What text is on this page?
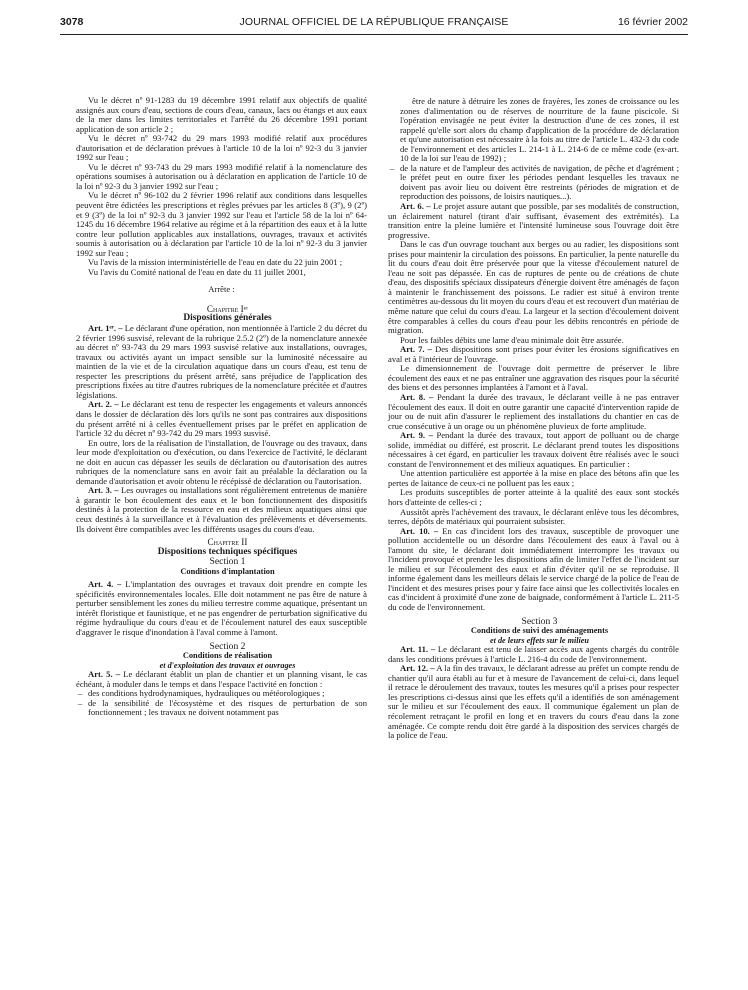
3078	JOURNAL OFFICIEL DE LA RÉPUBLIQUE FRANÇAISE	16 février 2002

Vu le décret nº 91-1283 du 19 décembre 1991 relatif aux objectifs de qualité assignés aux cours d'eau, sections de cours d'eau, canaux, lacs ou étangs et aux eaux de la mer dans les limites territoriales et l'arrêté du 26 décembre 1991 portant application de son article 2 ;

Vu le décret nº 93-742 du 29 mars 1993 modifié relatif aux procédures d'autorisation et de déclaration prévues à l'article 10 de la loi nº 92-3 du 3 janvier 1992 sur l'eau ;

Vu le décret nº 93-743 du 29 mars 1993 modifié relatif à la nomenclature des opérations soumises à autorisation ou à déclaration en application de l'article 10 de la loi nº 92-3 du 3 janvier 1992 sur l'eau ;

Vu le décret nº 96-102 du 2 février 1996 relatif aux conditions dans lesquelles peuvent être édictées les prescriptions et règles prévues par les articles 8 (3º), 9 (2º) et 9 (3º) de la loi nº 92-3 du 3 janvier 1992 sur l'eau et l'article 58 de la loi nº 64-1245 du 16 décembre 1964 relative au régime et à la répartition des eaux et à la lutte contre leur pollution applicables aux installations, ouvrages, travaux et activités soumis à autorisation ou à déclaration par l'article 10 de la loi nº 92-3 du 3 janvier 1992 sur l'eau ;

Vu l'avis de la mission interministérielle de l'eau en date du 22 juin 2001 ;

Vu l'avis du Comité national de l'eau en date du 11 juillet 2001,

Arrête :

Chapitre Iᵉʳ

Dispositions générales

Art. 1ᵉʳ. – Le déclarant d'une opération, non mentionnée à l'article 2 du décret du 2 février 1996 susvisé, relevant de la rubrique 2.5.2 (2º) de la nomenclature annexée au décret nº 93-743 du 29 mars 1993 susvisé relative aux installations, ouvrages, travaux ou activités ayant un impact sensible sur la luminosité nécessaire au maintien de la vie et de la circulation aquatique dans un cours d'eau, est tenu de respecter les prescriptions du présent arrêté, sans préjudice de l'application des prescriptions fixées au titre d'autres rubriques de la nomenclature précitée et d'autres législations.

Art. 2. – Le déclarant est tenu de respecter les engagements et valeurs annoncés dans le dossier de déclaration dès lors qu'ils ne sont pas contraires aux dispositions du présent arrêté ni à celles éventuellement prises par le préfet en application de l'article 32 du décret nº 93-742 du 29 mars 1993 susvisé.

En outre, lors de la réalisation de l'installation, de l'ouvrage ou des travaux, dans leur mode d'exploitation ou d'exécution, ou dans l'exercice de l'activité, le déclarant ne doit en aucun cas dépasser les seuils de déclaration ou d'autorisation des autres rubriques de la nomenclature sans en avoir fait au préalable la déclaration ou la demande d'autorisation et avoir obtenu le récépissé de déclaration ou l'autorisation.

Art. 3. – Les ouvrages ou installations sont régulièrement entretenus de manière à garantir le bon écoulement des eaux et le bon fonctionnement des dispositifs destinés à la protection de la ressource en eau et des milieux aquatiques ainsi que ceux destinés à la surveillance et à l'évaluation des prélèvements et déversements. Ils doivent être compatibles avec les différents usages du cours d'eau.

Chapitre II

Dispositions techniques spécifiques

Section 1

Conditions d'implantation

Art. 4. – L'implantation des ouvrages et travaux doit prendre en compte les spécificités environnementales locales. Elle doit notamment ne pas être de nature à perturber sensiblement les zones du milieu terrestre comme aquatique, présentant un intérêt floristique et faunistique, et ne pas engendrer de perturbation significative du régime hydraulique du cours d'eau et de l'écoulement naturel des eaux susceptible d'aggraver le risque d'inondation à l'aval comme à l'amont.

Section 2

Conditions de réalisation

et d'exploitation des travaux et ouvrages

Art. 5. – Le déclarant établit un plan de chantier et un planning visant, le cas échéant, à moduler dans le temps et dans l'espace l'activité en fonction :

– des conditions hydrodynamiques, hydrauliques ou météorologiques ;
– de la sensibilité de l'écosystème et des risques de perturbation de son fonctionnement ; les travaux ne doivent notamment pas

être de nature à détruire les zones de frayères, les zones de croissance ou les zones d'alimentation ou de réserves de nourriture de la faune piscicole. Si l'opération envisagée ne peut éviter la destruction d'une de ces zones, il est rappelé qu'elle sort alors du champ d'application de la procédure de déclaration et qu'une autorisation est nécessaire à la fois au titre de l'article L. 432-3 du code de l'environnement et des articles L. 214-1 à L. 214-6 de ce même code (ex-art. 10 de la loi sur l'eau de 1992) ;

– de la nature et de l'ampleur des activités de navigation, de pêche et d'agrément ; le préfet peut en outre fixer les périodes pendant lesquelles les travaux ne doivent pas avoir lieu ou doivent être restreints (périodes de migration et de reproduction des poissons, de loisirs nautiques...).

Art. 6. – Le projet assure autant que possible, par ses modalités de construction, un éclairement naturel (tirant d'air suffisant, évasement des extrémités). La transition entre la pleine lumière et l'intensité lumineuse sous l'ouvrage doit être progressive.

Dans le cas d'un ouvrage touchant aux berges ou au radier, les dispositions sont prises pour maintenir la circulation des poissons. En particulier, la pente naturelle du lit du cours d'eau doit être préservée pour que la vitesse d'écoulement naturel de l'eau ne soit pas dépassée. En cas de ruptures de pente ou de créations de chute d'eau, des dispositifs spéciaux dissipateurs d'énergie doivent être aménagés de façon à maintenir le franchissement des poissons. Le radier est situé à environ trente centimètres au-dessous du lit moyen du cours d'eau et est recouvert d'un matériau de même nature que celui du cours d'eau. La largeur et la section d'écoulement doivent être comparables à celles du cours d'eau pour les débits rencontrés en période de migration.

Pour les faibles débits une lame d'eau minimale doit être assurée.

Art. 7. – Des dispositions sont prises pour éviter les érosions significatives en aval et à l'intérieur de l'ouvrage.

Le dimensionnement de l'ouvrage doit permettre de préserver le libre écoulement des eaux et ne pas entraîner une aggravation des risques pour la sécurité des biens et des personnes implantées à l'amont et à l'aval.

Art. 8. – Pendant la durée des travaux, le déclarant veille à ne pas entraver l'écoulement des eaux. Il doit en outre garantir une capacité d'intervention rapide de jour ou de nuit afin d'assurer le repliement des installations du chantier en cas de crue consécutive à un orage ou un phénomène pluvieux de forte amplitude.

Art. 9. – Pendant la durée des travaux, tout apport de polluant ou de charge solide, immédiat ou différé, est proscrit. Le déclarant prend toutes les dispositions nécessaires à cet égard, en particulier les travaux doivent être réalisés avec le souci constant de l'environnement et des milieux aquatiques. En particulier :

Une attention particulière est apportée à la mise en place des bétons afin que les pertes de laitance de ceux-ci ne polluent pas les eaux ;

Les produits susceptibles de porter atteinte à la qualité des eaux sont stockés hors d'atteinte de celles-ci ;

Aussitôt après l'achèvement des travaux, le déclarant enlève tous les décombres, terres, dépôts de matériaux qui pourraient subsister.

Art. 10. – En cas d'incident lors des travaux, susceptible de provoquer une pollution accidentelle ou un désordre dans l'écoulement des eaux à l'aval ou à l'amont du site, le déclarant doit immédiatement interrompre les travaux ou l'incident provoqué et prendre les dispositions afin de limiter l'effet de l'incident sur le milieu et sur l'écoulement des eaux et afin d'éviter qu'il ne se reproduise. Il informe également dans les meilleurs délais le service chargé de la police de l'eau de l'incident et des mesures prises pour y faire face ainsi que les collectivités locales en cas d'incident à proximité d'une zone de baignade, conformément à l'article L. 211-5 du code de l'environnement.

Section 3

Conditions de suivi des aménagements

et de leurs effets sur le milieu

Art. 11. – Le déclarant est tenu de laisser accès aux agents chargés du contrôle dans les conditions prévues à l'article L. 216-4 du code de l'environnement.

Art. 12. – A la fin des travaux, le déclarant adresse au préfet un compte rendu de chantier qu'il aura établi au fur et à mesure de l'avancement de celui-ci, dans lequel il retrace le déroulement des travaux, toutes les mesures qu'il a prises pour respecter les prescriptions ci-dessus ainsi que les effets qu'il a identifiés de son aménagement sur le milieu et sur l'écoulement des eaux. Il communique également un plan de récolement retraçant le profil en long et en travers du cours d'eau dans la zone aménagée. Ce compte rendu doit être gardé à la disposition des services chargés de la police de l'eau.
